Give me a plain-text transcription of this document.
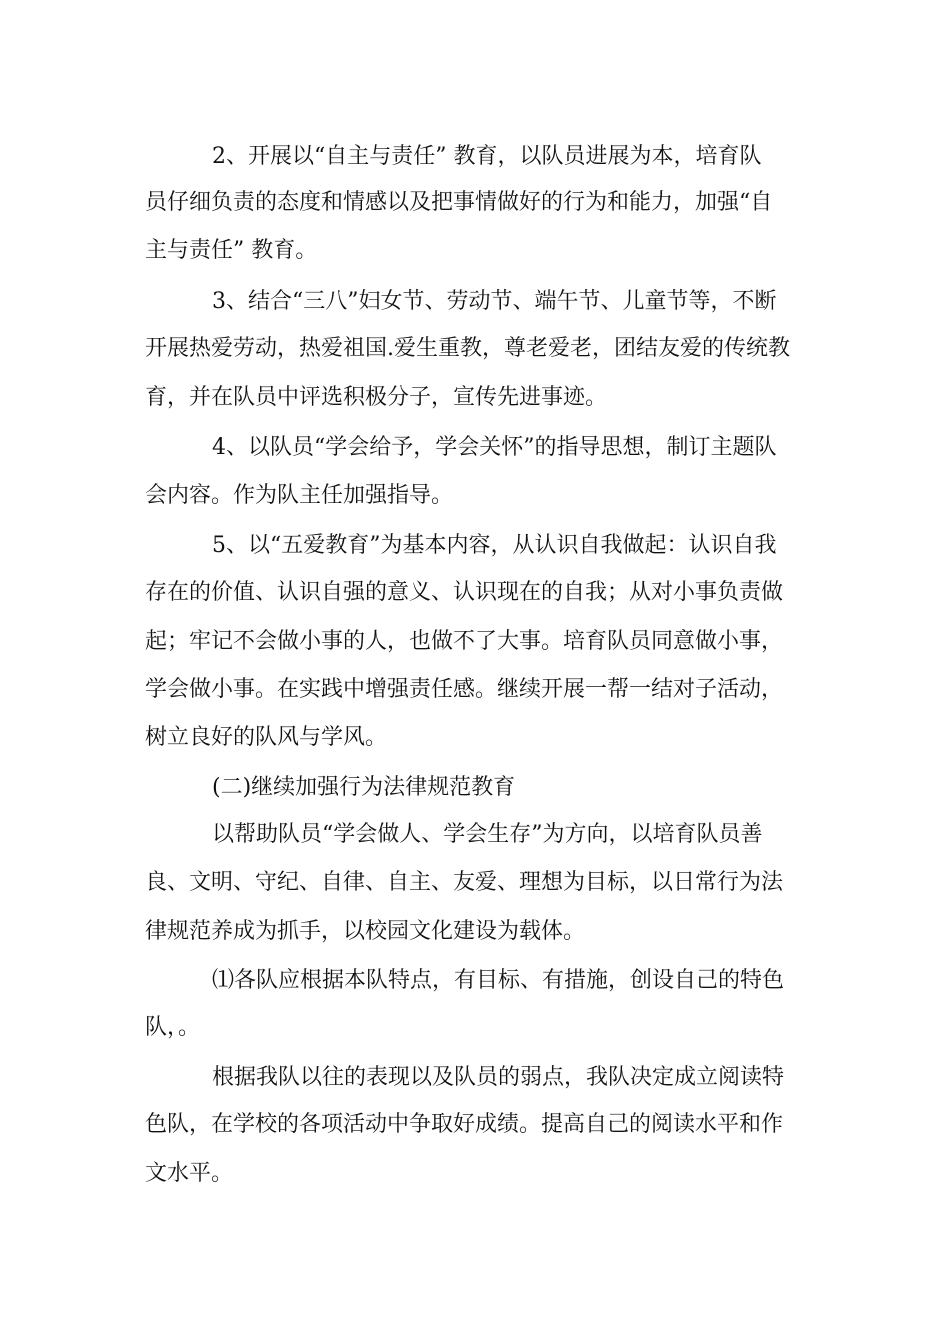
2、开展以“自主与责任” 教育，以队员进展为本，培育队
员仔细负责的态度和情感以及把事情做好的行为和能力，加强“自
主与责任” 教育。
3、结合“三八”妇女节、劳动节、端午节、儿童节等，不断
开展热爱劳动，热爱祖国.爱生重教，尊老爱老，团结友爱的传统教
育，并在队员中评选积极分子，宣传先进事迹。
4、以队员“学会给予，学会关怀”的指导思想，制订主题队
会内容。作为队主任加强指导。
5、以“五爱教育”为基本内容，从认识自我做起：认识自我
存在的价值、认识自强的意义、认识现在的自我；从对小事负责做
起；牢记不会做小事的人，也做不了大事。培育队员同意做小事，
学会做小事。在实践中增强责任感。继续开展一帮一结对子活动，
树立良好的队风与学风。
(二)继续加强行为法律规范教育
以帮助队员“学会做人、学会生存”为方向，以培育队员善
良、文明、守纪、自律、自主、友爱、理想为目标，以日常行为法
律规范养成为抓手，以校园文化建设为载体。
⑴各队应根据本队特点，有目标、有措施，创设自己的特色
队，。
根据我队以往的表现以及队员的弱点，我队决定成立阅读特
色队，在学校的各项活动中争取好成绩。提高自己的阅读水平和作
文水平。
